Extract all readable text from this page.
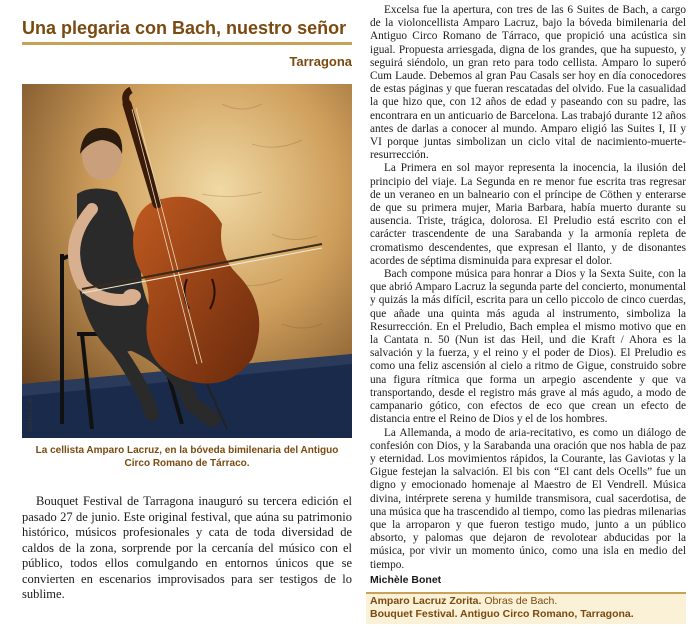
Una plegaria con Bach, nuestro señor
Tarragona
Antoni Coll
La cellista Amparo Lacruz, en la bóveda bimilenaria del Antiguo Circo Romano de Tárraco.

Bouquet Festival de Tarragona inauguró su tercera edición el pasado 27 de junio. Este original festival, que aúna su patrimonio histórico, músicos profesionales y cata de toda diversidad de caldos de la zona, sorprende por la cercanía del músico con el público, todos ellos comulgando en entornos únicos que se convierten en escenarios improvisados para ser testigos de lo sublime.

Excelsa fue la apertura, con tres de las 6 Suites de Bach, a cargo de la violoncellista Amparo Lacruz, bajo la bóveda bimilenaria del Antiguo Circo Romano de Tárraco, que propició una acústica sin igual. Propuesta arriesgada, digna de los grandes, que ha supuesto, y seguirá siéndolo, un gran reto para todo cellista. Amparo lo superó Cum Laude. Debemos al gran Pau Casals ser hoy en día conocedores de estas páginas y que fueran rescatadas del olvido. Fue la casualidad la que hizo que, con 12 años de edad y paseando con su padre, las encontrara en un anticuario de Barcelona. Las trabajó durante 12 años antes de darlas a conocer al mundo. Amparo eligió las Suites I, II y VI porque juntas simbolizan un ciclo vital de nacimiento-muerte-resurrección.

La Primera en sol mayor representa la inocencia, la ilusión del principio del viaje. La Segunda en re menor fue escrita tras regresar de un veraneo en un balneario con el príncipe de Cöthen y enterarse de que su primera mujer, Maria Barbara, había muerto durante su ausencia. Triste, trágica, dolorosa. El Preludio está escrito con el carácter trascendente de una Sarabanda y la armonía repleta de cromatismo descendentes, que expresan el llanto, y de disonantes acordes de séptima disminuida para expresar el dolor.

Bach compone música para honrar a Dios y la Sexta Suite, con la que abrió Amparo Lacruz la segunda parte del concierto, monumental y quizás la más difícil, escrita para un cello piccolo de cinco cuerdas, que añade una quinta más aguda al instrumento, simboliza la Resurrección. En el Preludio, Bach emplea el mismo motivo que en la Cantata n. 50 (Nun ist das Heil, und die Kraft / Ahora es la salvación y la fuerza, y el reino y el poder de Dios). El Preludio es como una feliz ascensión al cielo a ritmo de Gigue, construido sobre una figura rítmica que forma un arpegio ascendente y que va transportando, desde el registro más grave al más agudo, a modo de campanario gótico, con efectos de eco que crean un efecto de distancia entre el Reino de Dios y el de los hombres.

La Allemanda, a modo de aria-recitativo, es como un diálogo de confesión con Dios, y la Sarabanda una oración que nos habla de paz y eternidad. Los movimientos rápidos, la Courante, las Gaviotas y la Gigue festejan la salvación. El bis con “El cant dels Ocells” fue un digno y emocionado homenaje al Maestro de El Vendrell. Música divina, intérprete serena y humilde transmisora, cual sacerdotisa, de una música que ha trascendido al tiempo, como las piedras milenarias que la arroparon y que fueron testigo mudo, junto a un público absorto, y palomas que dejaron de revolotear abducidas por la música, por vivir un momento único, como una isla en medio del tiempo.

Michèle Bonet
Amparo Lacruz Zorita. Obras de Bach.
Bouquet Festival. Antiguo Circo Romano, Tarragona.
